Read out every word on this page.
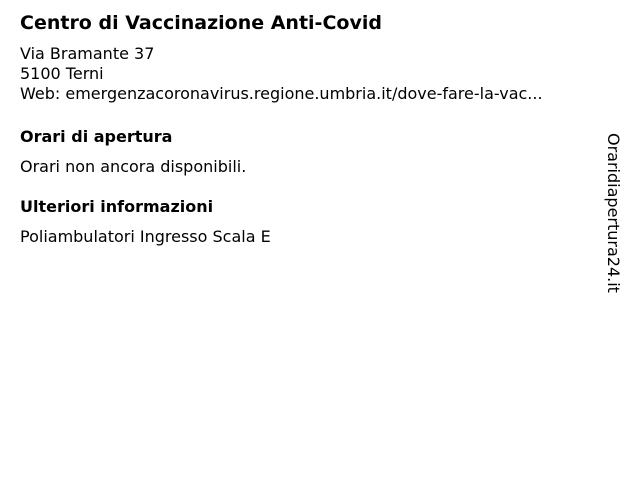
Centro di Vaccinazione Anti-Covid
Via Bramante 37
5100 Terni
Web: emergenzacoronavirus.regione.umbria.it/dove-fare-la-vac...
Orari di apertura
Orari non ancora disponibili.
Ulteriori informazioni
Poliambulatori Ingresso Scala E	Oraridiapertura24.it
